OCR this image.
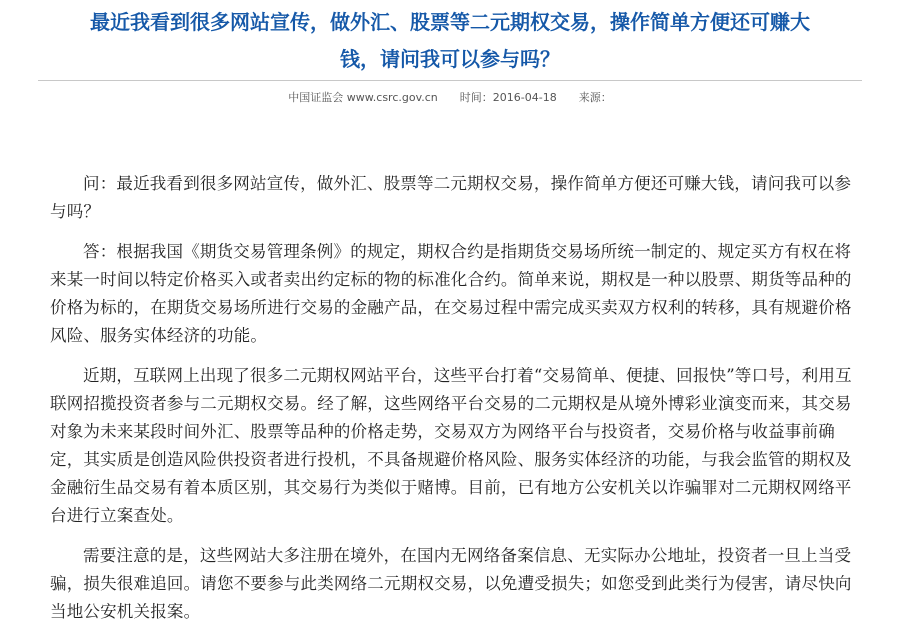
最近我看到很多网站宣传，做外汇、股票等二元期权交易，操作简单方便还可赚大
钱，请问我可以参与吗？
中国证监会 www.csrc.gov.cn 时间：2016-04-18 来源：

问：最近我看到很多网站宣传，做外汇、股票等二元期权交易，操作简单方便还可赚大钱，请问我可以参与吗？

答：根据我国《期货交易管理条例》的规定，期权合约是指期货交易场所统一制定的、规定买方有权在将来某一时间以特定价格买入或者卖出约定标的物的标准化合约。简单来说，期权是一种以股票、期货等品种的价格为标的，在期货交易场所进行交易的金融产品，在交易过程中需完成买卖双方权利的转移，具有规避价格风险、服务实体经济的功能。

近期，互联网上出现了很多二元期权网站平台，这些平台打着“交易简单、便捷、回报快”等口号，利用互联网招揽投资者参与二元期权交易。经了解，这些网络平台交易的二元期权是从境外博彩业演变而来，其交易对象为未来某段时间外汇、股票等品种的价格走势，交易双方为网络平台与投资者，交易价格与收益事前确定，其实质是创造风险供投资者进行投机，不具备规避价格风险、服务实体经济的功能，与我会监管的期权及金融衍生品交易有着本质区别，其交易行为类似于赌博。目前，已有地方公安机关以诈骗罪对二元期权网络平台进行立案查处。

需要注意的是，这些网站大多注册在境外，在国内无网络备案信息、无实际办公地址，投资者一旦上当受骗，损失很难追回。请您不要参与此类网络二元期权交易，以免遭受损失；如您受到此类行为侵害，请尽快向当地公安机关报案。
